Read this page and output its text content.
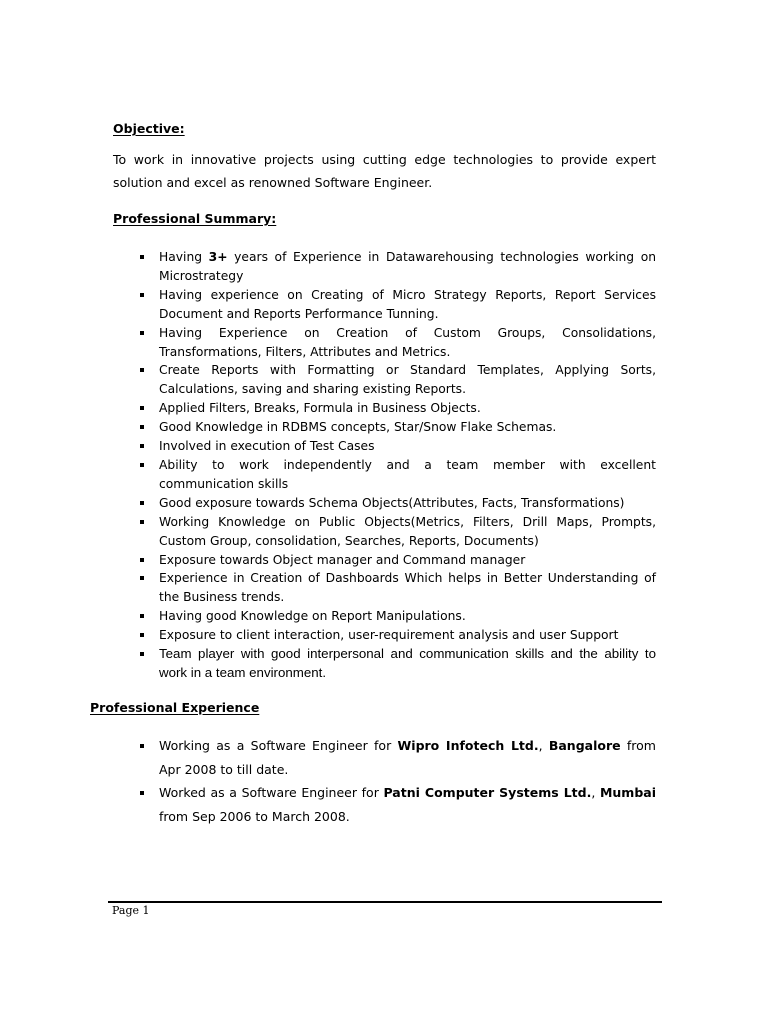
Objective:
To work in innovative projects using cutting edge technologies to provide expert solution and excel as renowned Software Engineer.
Professional Summary:
Having 3+ years of Experience in Datawarehousing technologies working on Microstrategy
Having experience on Creating of Micro Strategy Reports, Report Services Document and Reports Performance Tunning.
Having Experience on Creation of Custom Groups, Consolidations, Transformations, Filters, Attributes and Metrics.
Create Reports with Formatting or Standard Templates, Applying Sorts, Calculations, saving and sharing existing Reports.
Applied Filters, Breaks, Formula in Business Objects.
Good Knowledge in RDBMS concepts, Star/Snow Flake Schemas.
Involved in execution of Test Cases
Ability to work independently and a team member with excellent communication skills
Good exposure towards Schema Objects(Attributes, Facts, Transformations)
Working Knowledge on Public Objects(Metrics, Filters, Drill Maps, Prompts, Custom Group, consolidation, Searches, Reports, Documents)
Exposure towards Object manager and Command manager
Experience in Creation of Dashboards Which helps in Better Understanding of the Business trends.
Having good Knowledge on Report Manipulations.
Exposure to client interaction, user-requirement analysis and user Support
Team player with good interpersonal and communication skills and the ability to work in a team environment.
Professional Experience
Working as a Software Engineer for Wipro Infotech Ltd., Bangalore from Apr 2008 to till date.
Worked as a Software Engineer for Patni Computer Systems Ltd., Mumbai from Sep 2006 to March 2008.
Page 1
